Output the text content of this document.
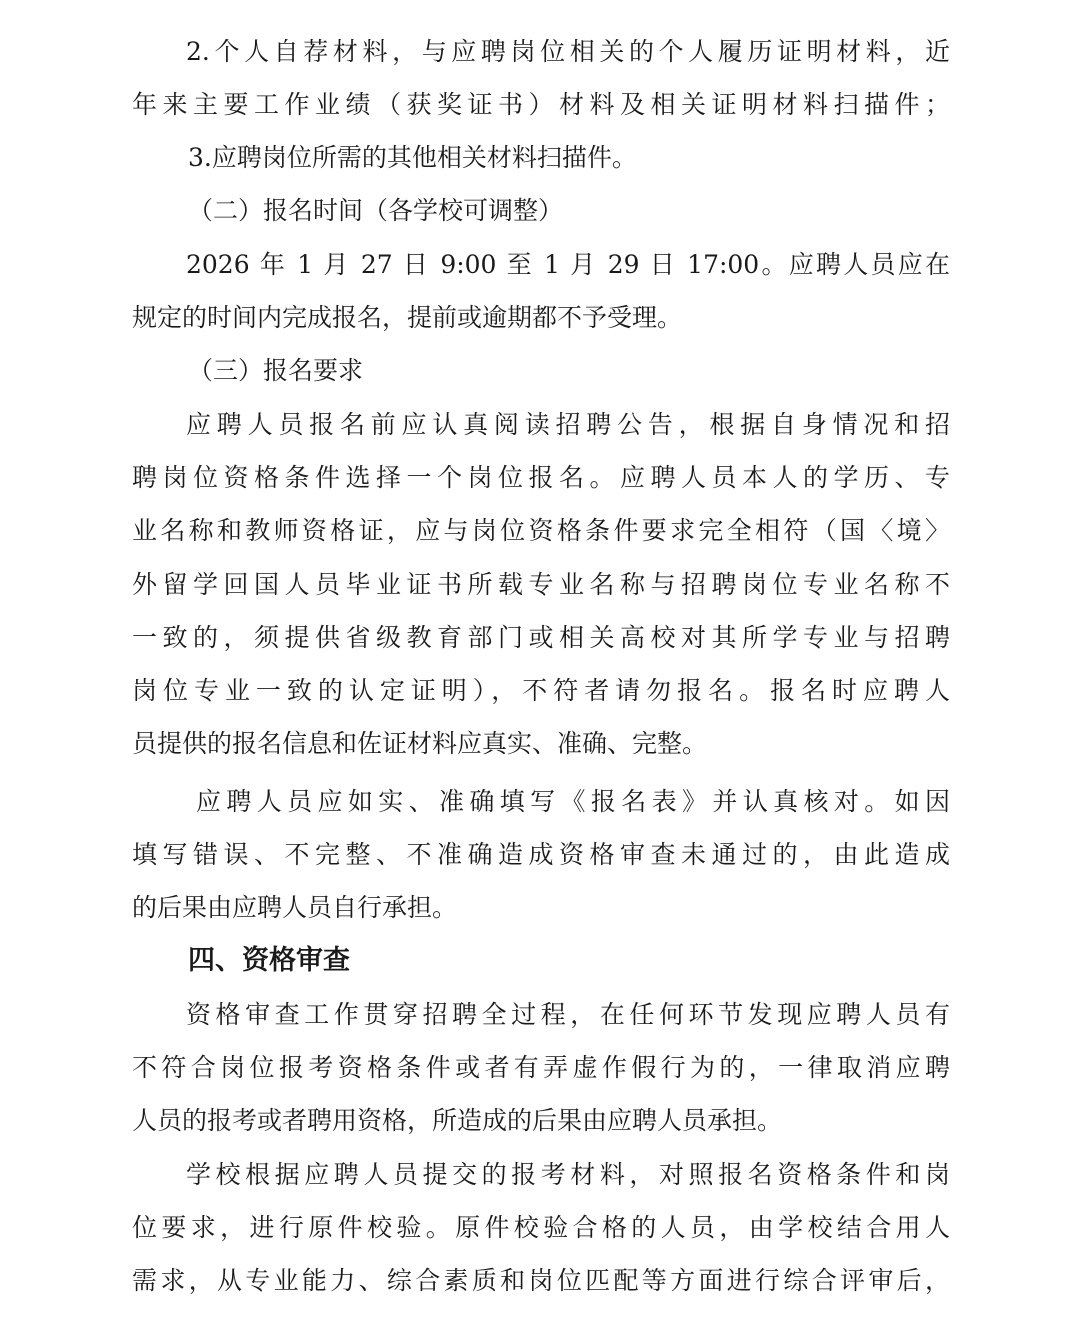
2.个人自荐材料，与应聘岗位相关的个人履历证明材料，近
年来主要工作业绩（获奖证书）材料及相关证明材料扫描件；
3.应聘岗位所需的其他相关材料扫描件。
（二）报名时间（各学校可调整）
2026 年 1 月 27 日 9:00 至 1 月 29 日 17:00。应聘人员应在
规定的时间内完成报名，提前或逾期都不予受理。
（三）报名要求
应聘人员报名前应认真阅读招聘公告，根据自身情况和招
聘岗位资格条件选择一个岗位报名。应聘人员本人的学历、专
业名称和教师资格证，应与岗位资格条件要求完全相符（国〈境〉
外留学回国人员毕业证书所载专业名称与招聘岗位专业名称不
一致的，须提供省级教育部门或相关高校对其所学专业与招聘
岗位专业一致的认定证明），不符者请勿报名。报名时应聘人
员提供的报名信息和佐证材料应真实、准确、完整。
应聘人员应如实、准确填写《报名表》并认真核对。如因
填写错误、不完整、不准确造成资格审查未通过的，由此造成
的后果由应聘人员自行承担。
四、资格审查
资格审查工作贯穿招聘全过程，在任何环节发现应聘人员有
不符合岗位报考资格条件或者有弄虚作假行为的，一律取消应聘
人员的报考或者聘用资格，所造成的后果由应聘人员承担。
学校根据应聘人员提交的报考材料，对照报名资格条件和岗
位要求，进行原件校验。原件校验合格的人员，由学校结合用人
需求，从专业能力、综合素质和岗位匹配等方面进行综合评审后，
